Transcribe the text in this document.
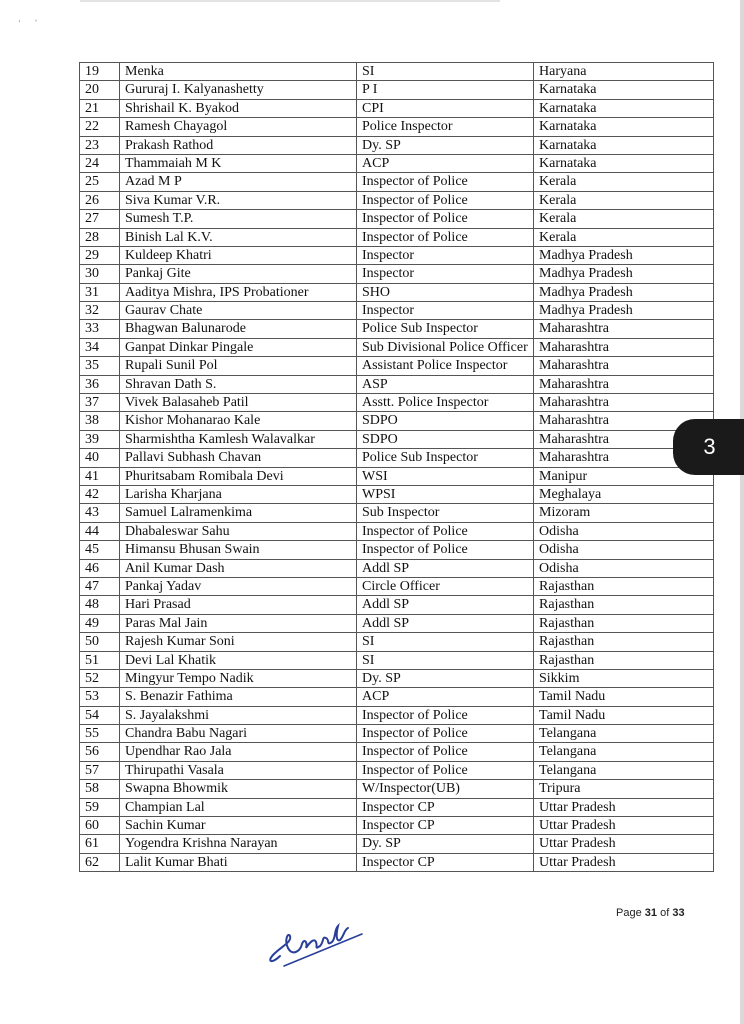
‘      ’
19	Menka	SI	Haryana
20	Gururaj I. Kalyanashetty	P I	Karnataka
21	Shrishail K. Byakod	CPI	Karnataka
22	Ramesh Chayagol	Police Inspector	Karnataka
23	Prakash Rathod	Dy. SP	Karnataka
24	Thammaiah M K	ACP	Karnataka
25	Azad M P	Inspector of Police	Kerala
26	Siva Kumar V.R.	Inspector of Police	Kerala
27	Sumesh T.P.	Inspector of Police	Kerala
28	Binish Lal K.V.	Inspector of Police	Kerala
29	Kuldeep Khatri	Inspector	Madhya Pradesh
30	Pankaj Gite	Inspector	Madhya Pradesh
31	Aaditya Mishra, IPS Probationer	SHO	Madhya Pradesh
32	Gaurav Chate	Inspector	Madhya Pradesh
33	Bhagwan Balunarode	Police Sub Inspector	Maharashtra
34	Ganpat Dinkar Pingale	Sub Divisional Police Officer	Maharashtra
35	Rupali Sunil Pol	Assistant Police Inspector	Maharashtra
36	Shravan Dath S.	ASP	Maharashtra
37	Vivek Balasaheb Patil	Asstt. Police Inspector	Maharashtra
38	Kishor Mohanarao Kale	SDPO	Maharashtra
39	Sharmishtha Kamlesh Walavalkar	SDPO	Maharashtra
40	Pallavi Subhash Chavan	Police Sub Inspector	Maharashtra
41	Phuritsabam Romibala Devi	WSI	Manipur
42	Larisha Kharjana	WPSI	Meghalaya
43	Samuel Lalramenkima	Sub Inspector	Mizoram
44	Dhabaleswar Sahu	Inspector of Police	Odisha
45	Himansu Bhusan Swain	Inspector of Police	Odisha
46	Anil Kumar Dash	Addl SP	Odisha
47	Pankaj Yadav	Circle Officer	Rajasthan
48	Hari Prasad	Addl SP	Rajasthan
49	Paras Mal Jain	Addl SP	Rajasthan
50	Rajesh Kumar Soni	SI	Rajasthan
51	Devi Lal Khatik	SI	Rajasthan
52	Mingyur Tempo Nadik	Dy. SP	Sikkim
53	S. Benazir Fathima	ACP	Tamil Nadu
54	S. Jayalakshmi	Inspector of Police	Tamil Nadu
55	Chandra Babu Nagari	Inspector of Police	Telangana
56	Upendhar Rao Jala	Inspector of Police	Telangana
57	Thirupathi Vasala	Inspector of Police	Telangana
58	Swapna Bhowmik	W/Inspector(UB)	Tripura
59	Champian Lal	Inspector CP	Uttar Pradesh
60	Sachin Kumar	Inspector CP	Uttar Pradesh
61	Yogendra Krishna Narayan	Dy. SP	Uttar Pradesh
62	Lalit Kumar Bhati	Inspector CP	Uttar Pradesh
3
Page 31 of 33
